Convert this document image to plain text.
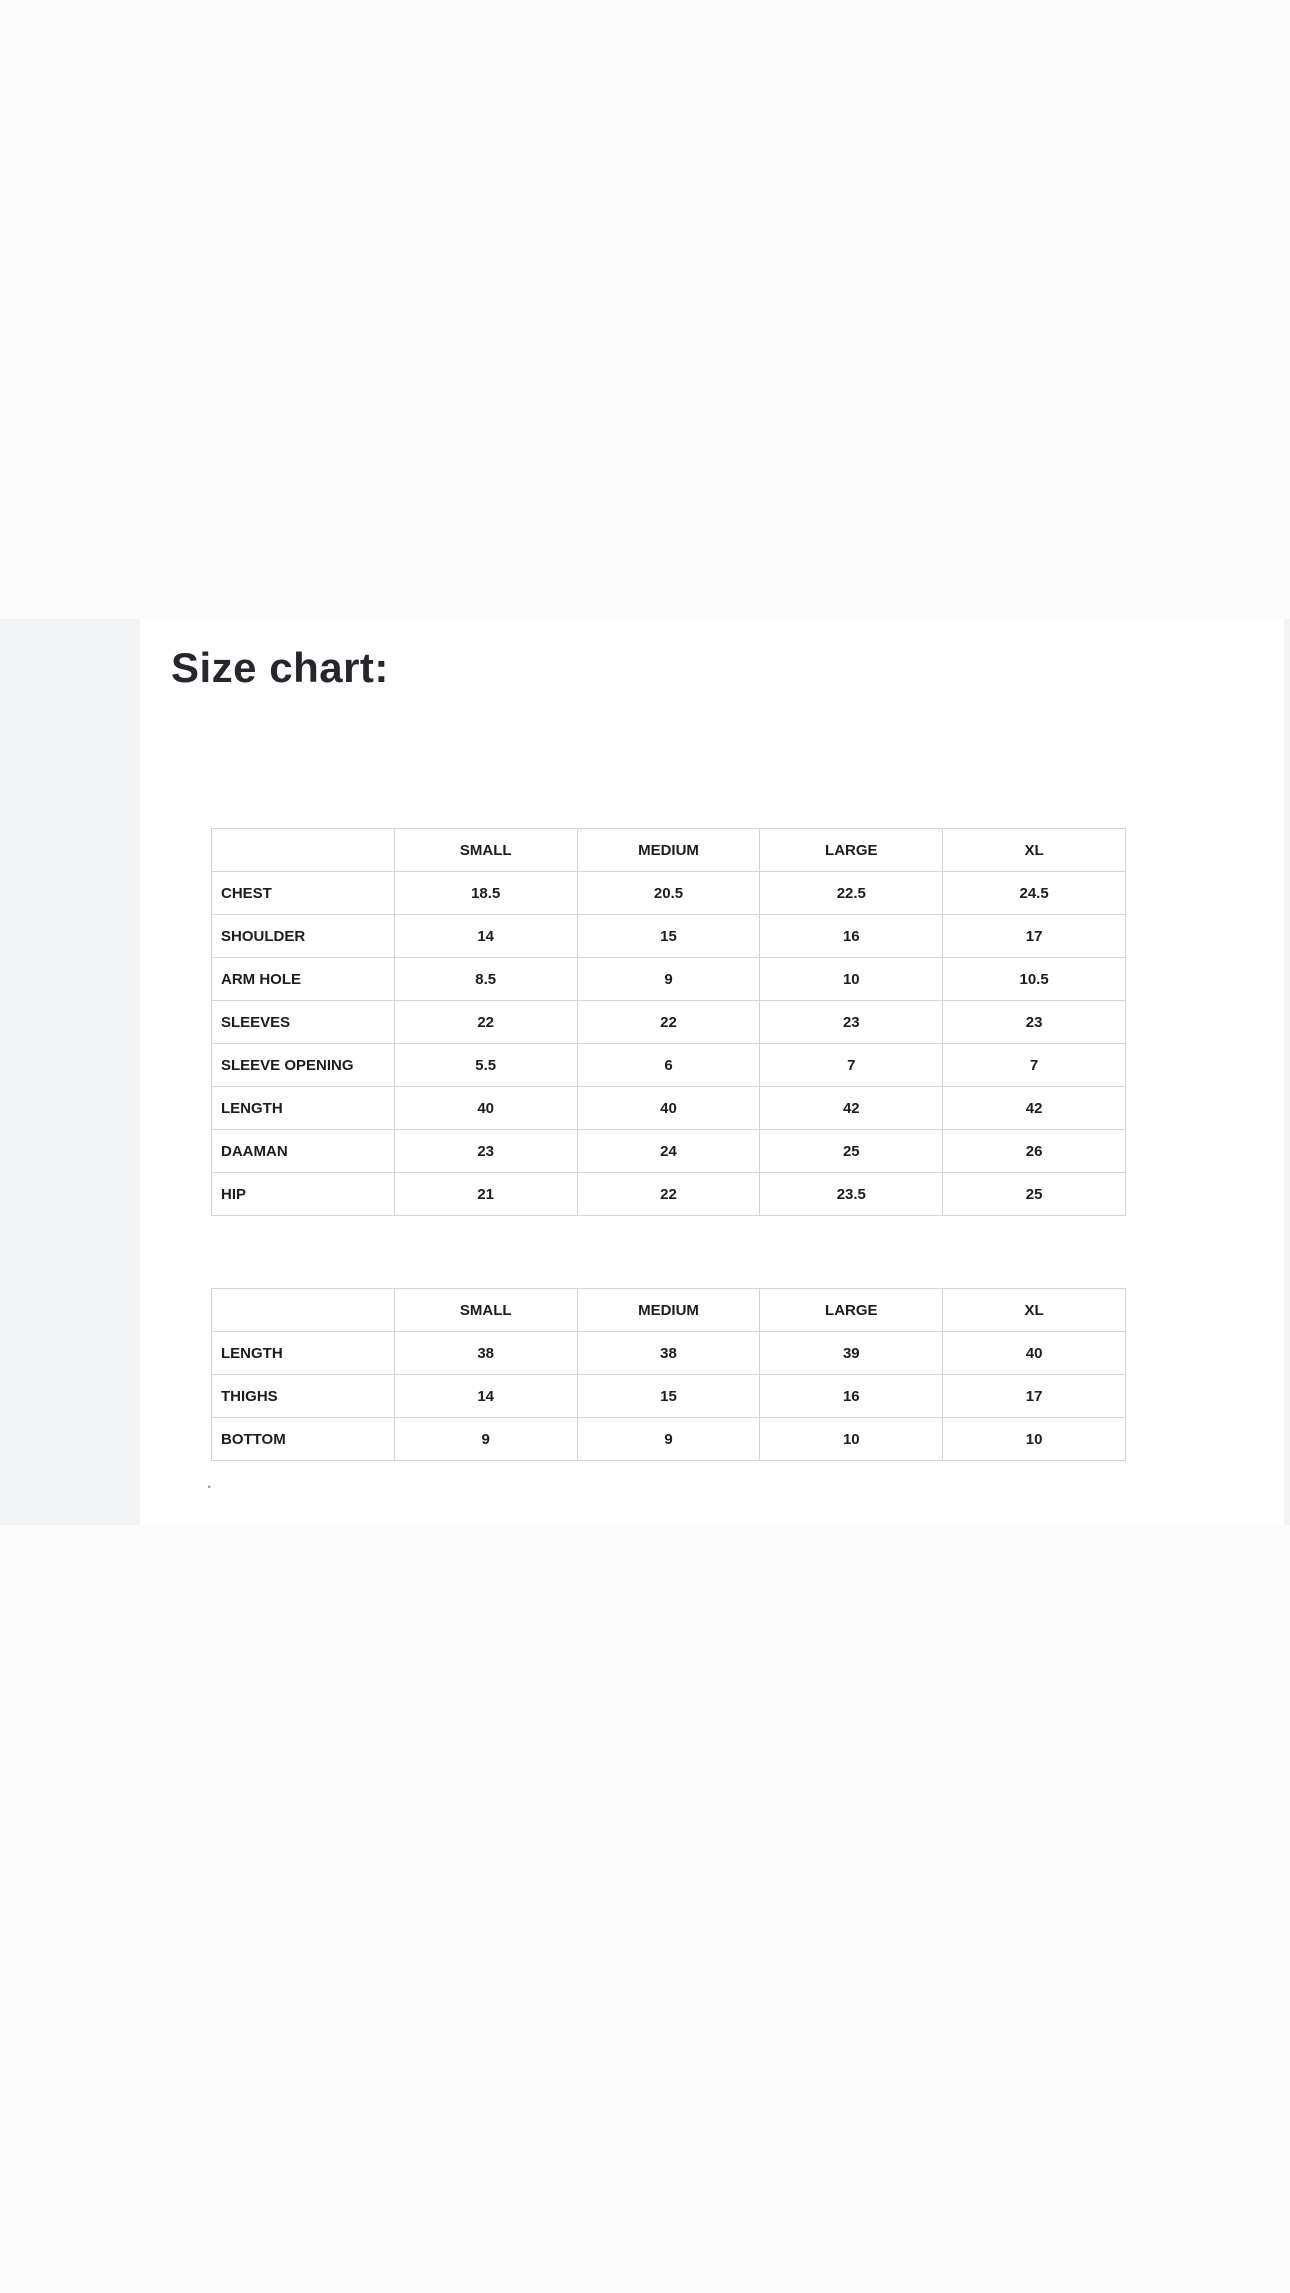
Size chart:
	SMALL	MEDIUM	LARGE	XL
CHEST	18.5	20.5	22.5	24.5
SHOULDER	14	15	16	17
ARM HOLE	8.5	9	10	10.5
SLEEVES	22	22	23	23
SLEEVE OPENING	5.5	6	7	7
LENGTH	40	40	42	42
DAAMAN	23	24	25	26
HIP	21	22	23.5	25
	SMALL	MEDIUM	LARGE	XL
LENGTH	38	38	39	40
THIGHS	14	15	16	17
BOTTOM	9	9	10	10
.
